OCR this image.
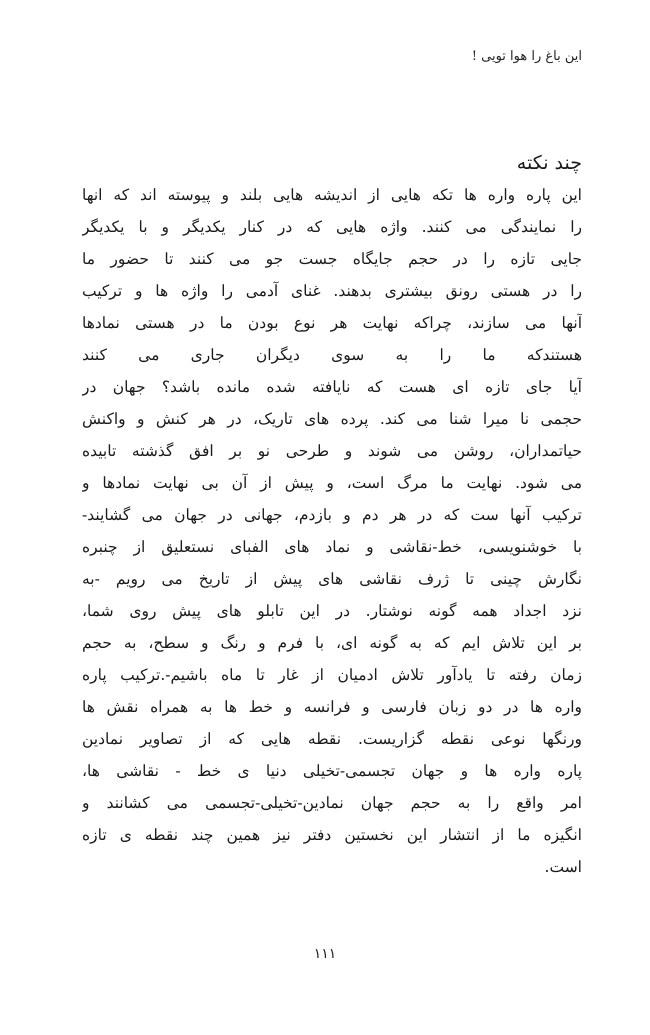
این باغ را هوا تویی !
چند نکته
این پاره واره ها تکه هایی از اندیشه هایی بلند و پیوسته اند که انها
را نمایندگی می کنند. واژه هایی که در کنار یکدیگر و با یکدیگر
جایی تازه را در حجم جایگاه جست جو می کنند تا حضور ما
را در هستی رونق بیشتری بدهند. غنای آدمی را واژه ها و ترکیب
آنها می سازند، چراکه نهایت هر نوع بودن ما در هستی نمادها
هستندکه ما را به سوی دیگران جاری می کنند
آیا جای تازه ای هست که نایافته شده مانده باشد؟ جهان در
حجمی نا میرا شنا می کند. پرده های تاریک، در هر کنش و واکنش
حیاتمداران، روشن می شوند و طرحی نو بر افق گذشته تابیده
می شود. نهایت ما مرگ است، و پیش از آن بی نهایت نمادها و
ترکیب آنها ست که در هر دم و بازدم، جهانی در جهان می گشایند-
با خوشنویسی، خط-نقاشی و نماد های الفبای نستعلیق از چنبره
نگارش چینی تا ژرف نقاشی های پیش از تاریخ می رویم -به
نزد اجداد همه گونه نوشتار. در این تابلو های پیش روی شما،
بر این تلاش ایم که به گونه ای، با فرم و رنگ و سطح، به حجم
زمان رفته تا یادآور تلاش ادمیان از غار تا ماه باشیم-.ترکیب پاره
واره ها در دو زبان فارسی و فرانسه و خط ها به همراه نقش ها
ورنگها نوعی نقطه گزاریست. نقطه هایی که از تصاویر نمادین
پاره واره ها و جهان تجسمی-تخیلی دنیا ی خط - نقاشی ها،
امر واقع را به حجم جهان نمادین-تخیلی-تجسمی می کشانند و
انگیزه ما از انتشار این نخستین دفتر نیز همین چند نقطه ی تازه
است.
۱۱۱
